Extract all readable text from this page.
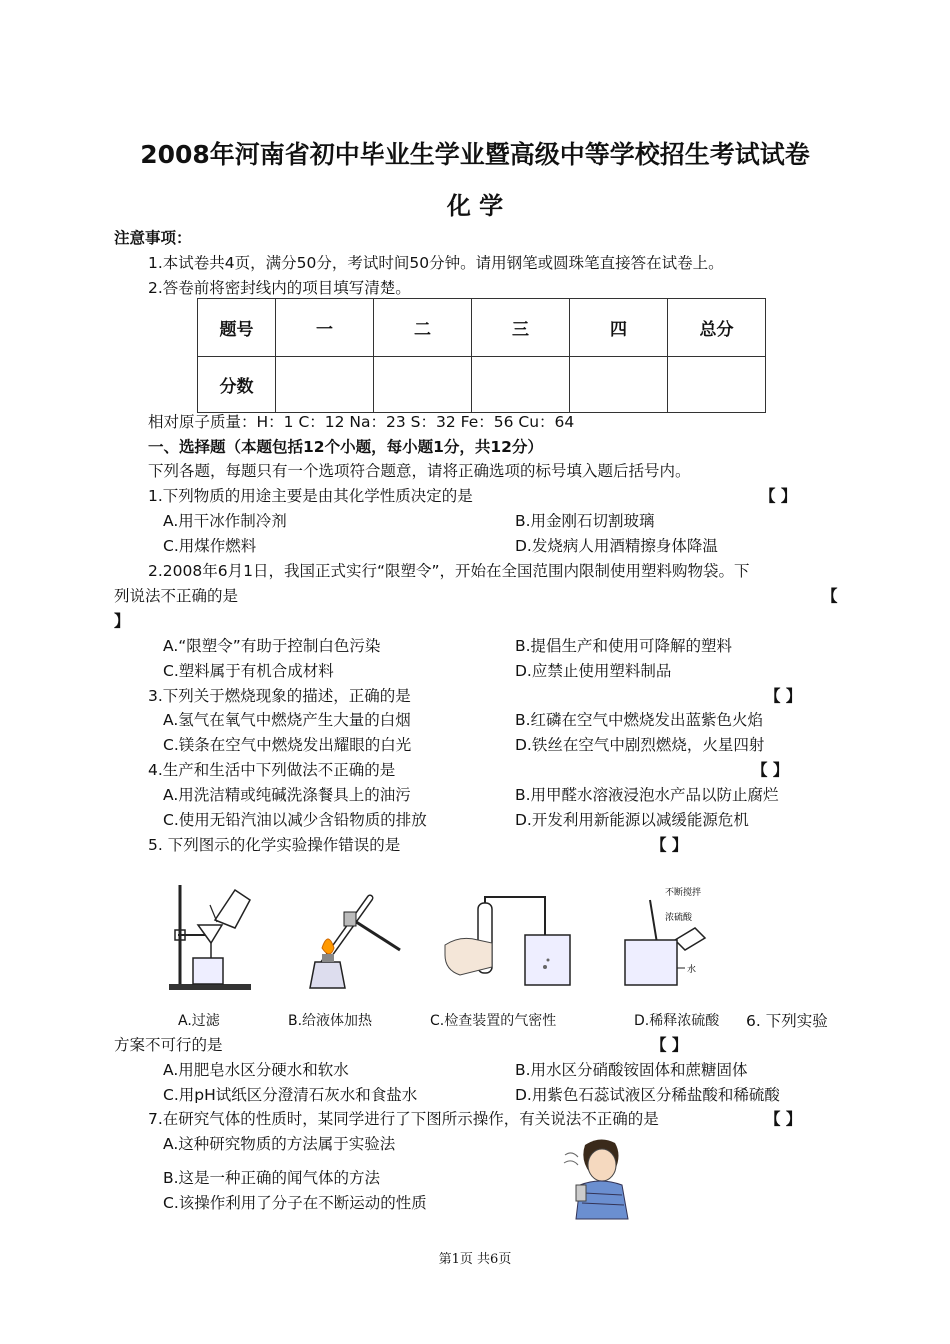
2008年河南省初中毕业生学业暨高级中等学校招生考试试卷
化 学
注意事项：
1.本试卷共4页，满分50分，考试时间50分钟。请用钢笔或圆珠笔直接答在试卷上。
2.答卷前将密封线内的项目填写清楚。
题号	一	二	三	四	总分
分数					
相对原子质量：H：1 C：12 Na：23 S：32 Fe：56 Cu：64
一、选择题（本题包括12个小题，每小题1分，共12分）
下列各题，每题只有一个选项符合题意，请将正确选项的标号填入题后括号内。
1.下列物质的用途主要是由其化学性质决定的是	【 】
A.用干冰作制冷剂	B.用金刚石切割玻璃
C.用煤作燃料	D.发烧病人用酒精擦身体降温
2.2008年6月1日，我国正式实行“限塑令”，开始在全国范围内限制使用塑料购物袋。下
列说法不正确的是	【
】
A.“限塑令”有助于控制白色污染	B.提倡生产和使用可降解的塑料
C.塑料属于有机合成材料	D.应禁止使用塑料制品
3.下列关于燃烧现象的描述，正确的是	【 】
A.氢气在氧气中燃烧产生大量的白烟	B.红磷在空气中燃烧发出蓝紫色火焰
C.镁条在空气中燃烧发出耀眼的白光	D.铁丝在空气中剧烈燃烧，火星四射
4.生产和生活中下列做法不正确的是	【 】
A.用洗洁精或纯碱洗涤餐具上的油污	B.用甲醛水溶液浸泡水产品以防止腐烂
C.使用无铅汽油以减少含铅物质的排放	D.开发利用新能源以减缓能源危机
5. 下列图示的化学实验操作错误的是	【 】
不断搅拌
浓硫酸
水
A.过滤	B.给液体加热	C.检查装置的气密性	D.稀释浓硫酸 6. 下列实验
方案不可行的是	【 】
A.用肥皂水区分硬水和软水	B.用水区分硝酸铵固体和蔗糖固体
C.用pH试纸区分澄清石灰水和食盐水	D.用紫色石蕊试液区分稀盐酸和稀硫酸
7.在研究气体的性质时，某同学进行了下图所示操作，有关说法不正确的是	【 】
A.这种研究物质的方法属于实验法
B.这是一种正确的闻气体的方法
C.该操作利用了分子在不断运动的性质
第1页 共6页
